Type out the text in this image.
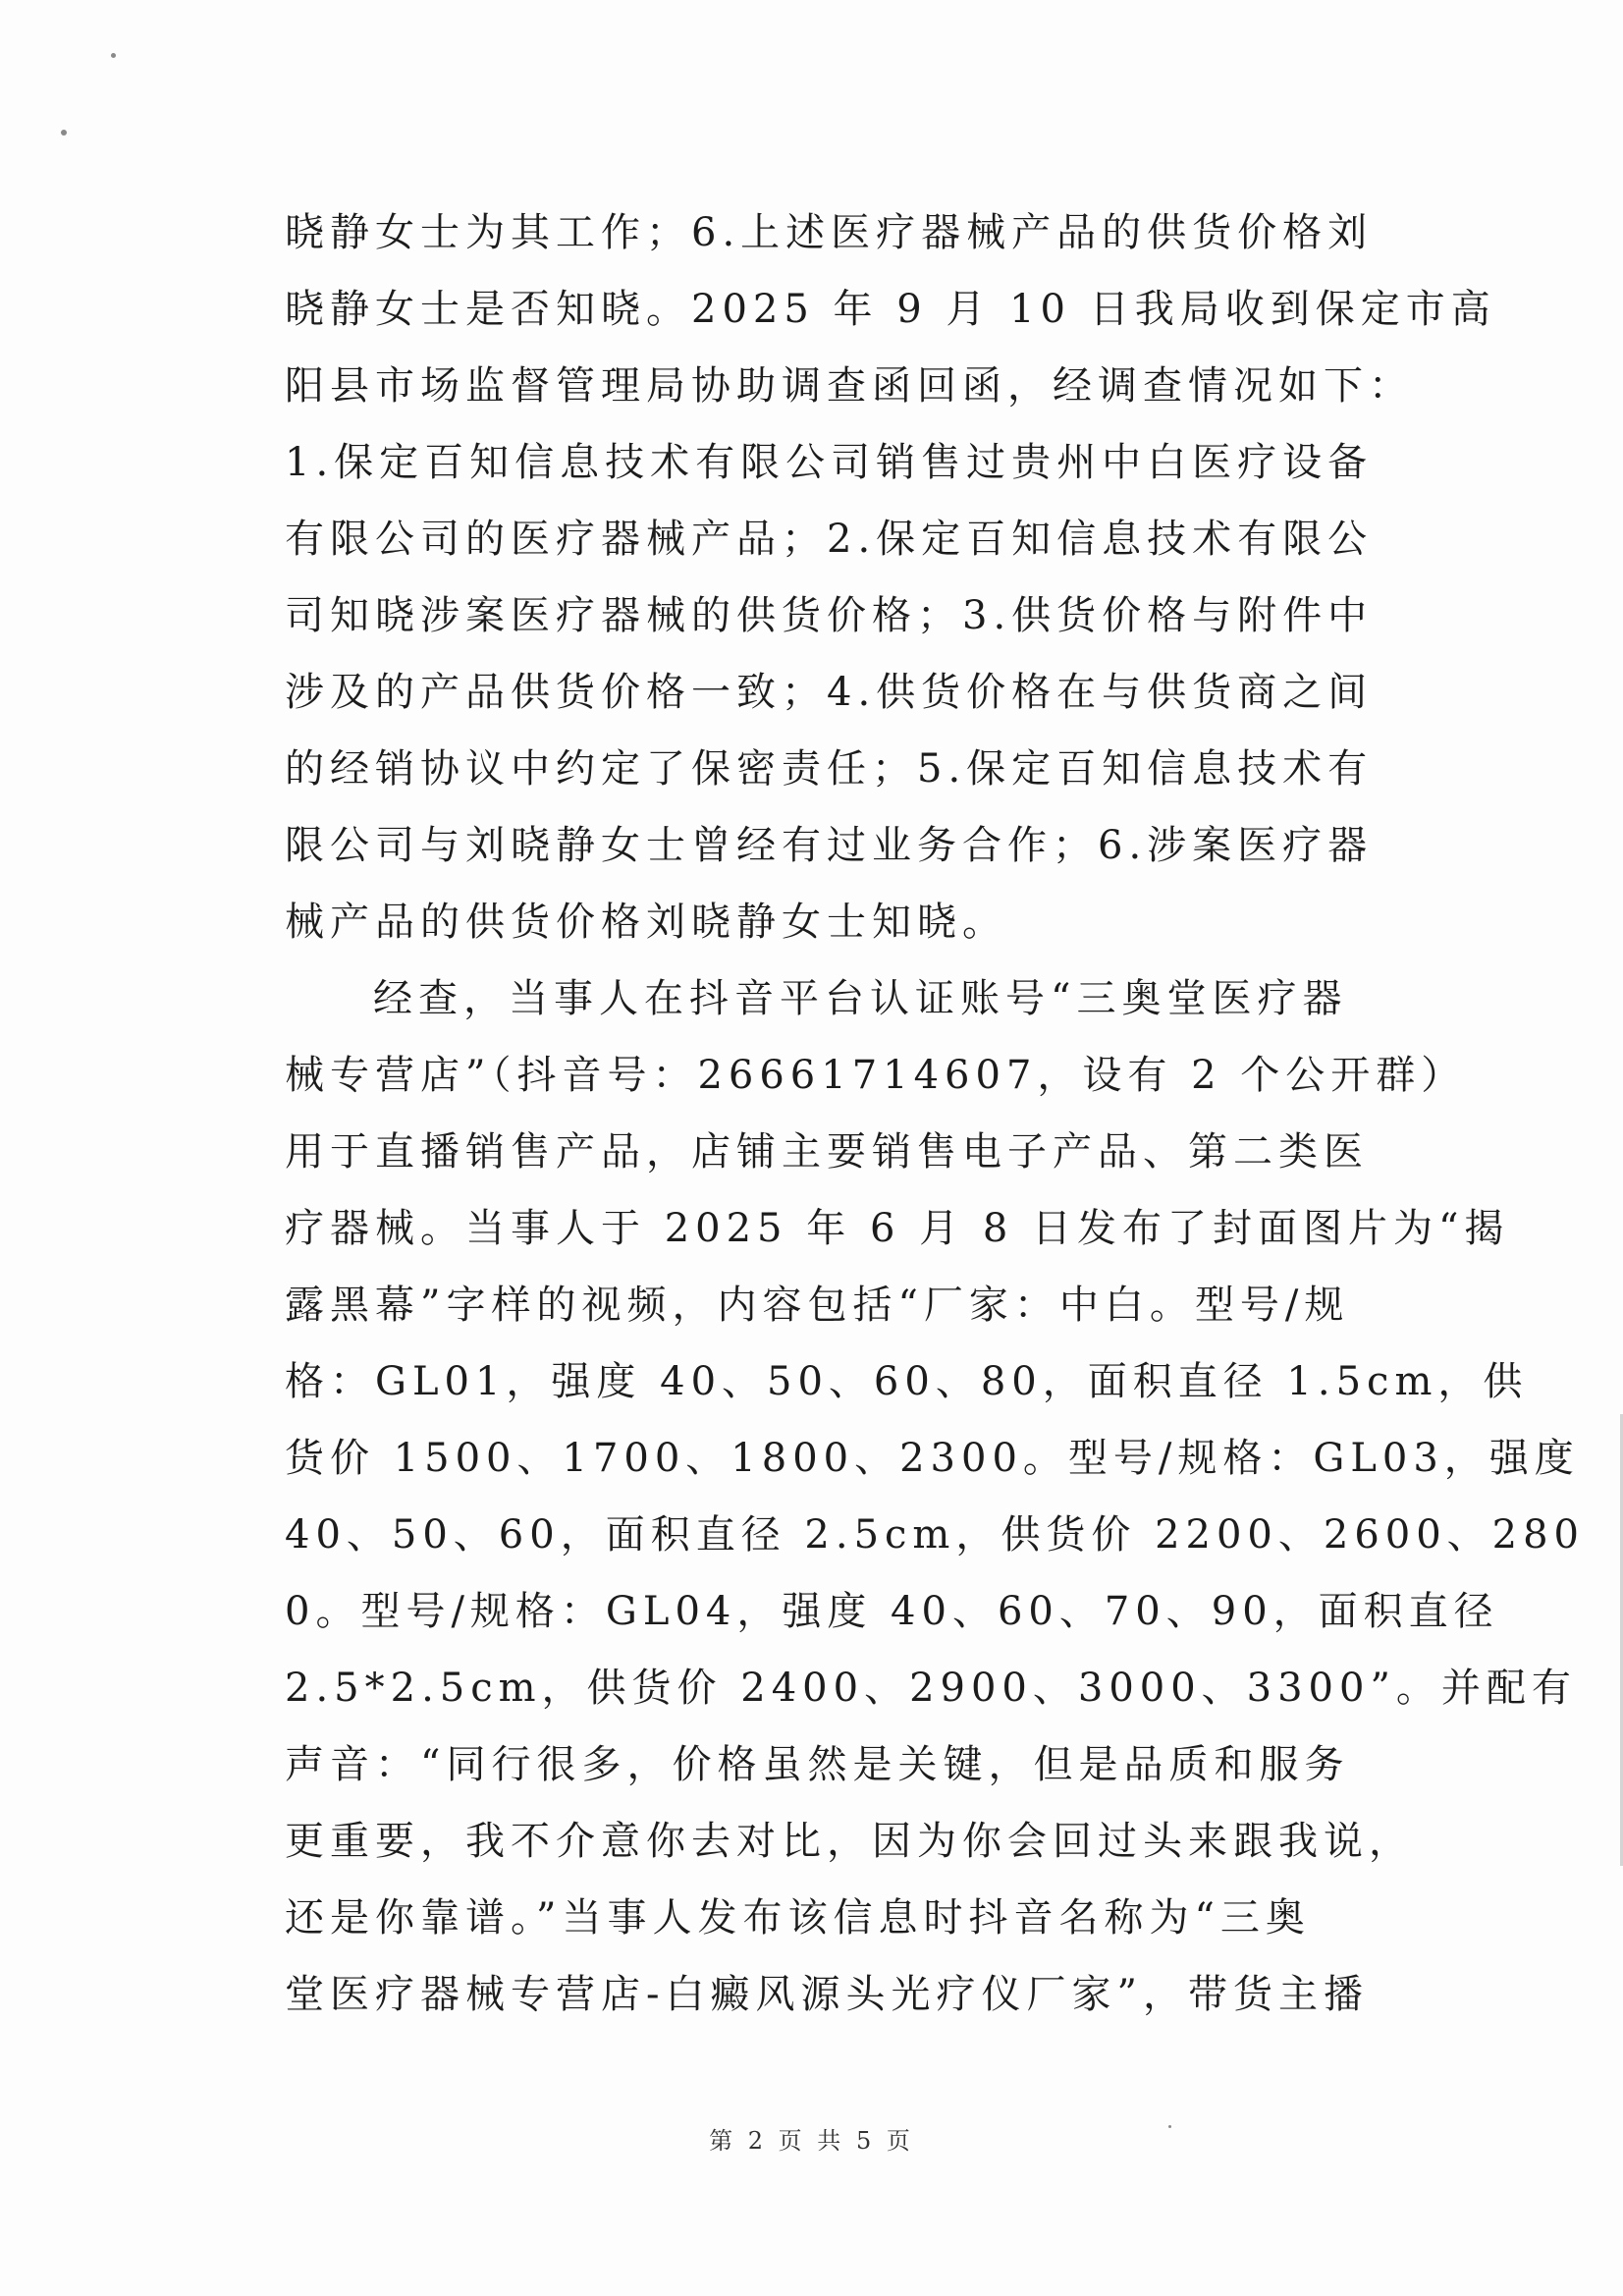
晓静女士为其工作；6.上述医疗器械产品的供货价格刘
晓静女士是否知晓。2025 年 9 月 10 日我局收到保定市高
阳县市场监督管理局协助调查函回函，经调查情况如下：
1.保定百知信息技术有限公司销售过贵州中白医疗设备
有限公司的医疗器械产品；2.保定百知信息技术有限公
司知晓涉案医疗器械的供货价格；3.供货价格与附件中
涉及的产品供货价格一致；4.供货价格在与供货商之间
的经销协议中约定了保密责任；5.保定百知信息技术有
限公司与刘晓静女士曾经有过业务合作；6.涉案医疗器
械产品的供货价格刘晓静女士知晓。
经查，当事人在抖音平台认证账号“三奥堂医疗器
械专营店”（抖音号：26661714607，设有 2 个公开群）
用于直播销售产品，店铺主要销售电子产品、第二类医
疗器械。当事人于 2025 年 6 月 8 日发布了封面图片为“揭
露黑幕”字样的视频，内容包括“厂家：中白。型号/规
格：GL01，强度 40、50、60、80，面积直径 1.5cm，供
货价 1500、1700、1800、2300。型号/规格：GL03，强度
40、50、60，面积直径 2.5cm，供货价 2200、2600、280
0。型号/规格：GL04，强度 40、60、70、90，面积直径
2.5*2.5cm，供货价 2400、2900、3000、3300”。并配有
声音：“同行很多，价格虽然是关键，但是品质和服务
更重要，我不介意你去对比，因为你会回过头来跟我说，
还是你靠谱。”当事人发布该信息时抖音名称为“三奥
堂医疗器械专营店-白癜风源头光疗仪厂家”，带货主播
第 2 页 共 5 页
